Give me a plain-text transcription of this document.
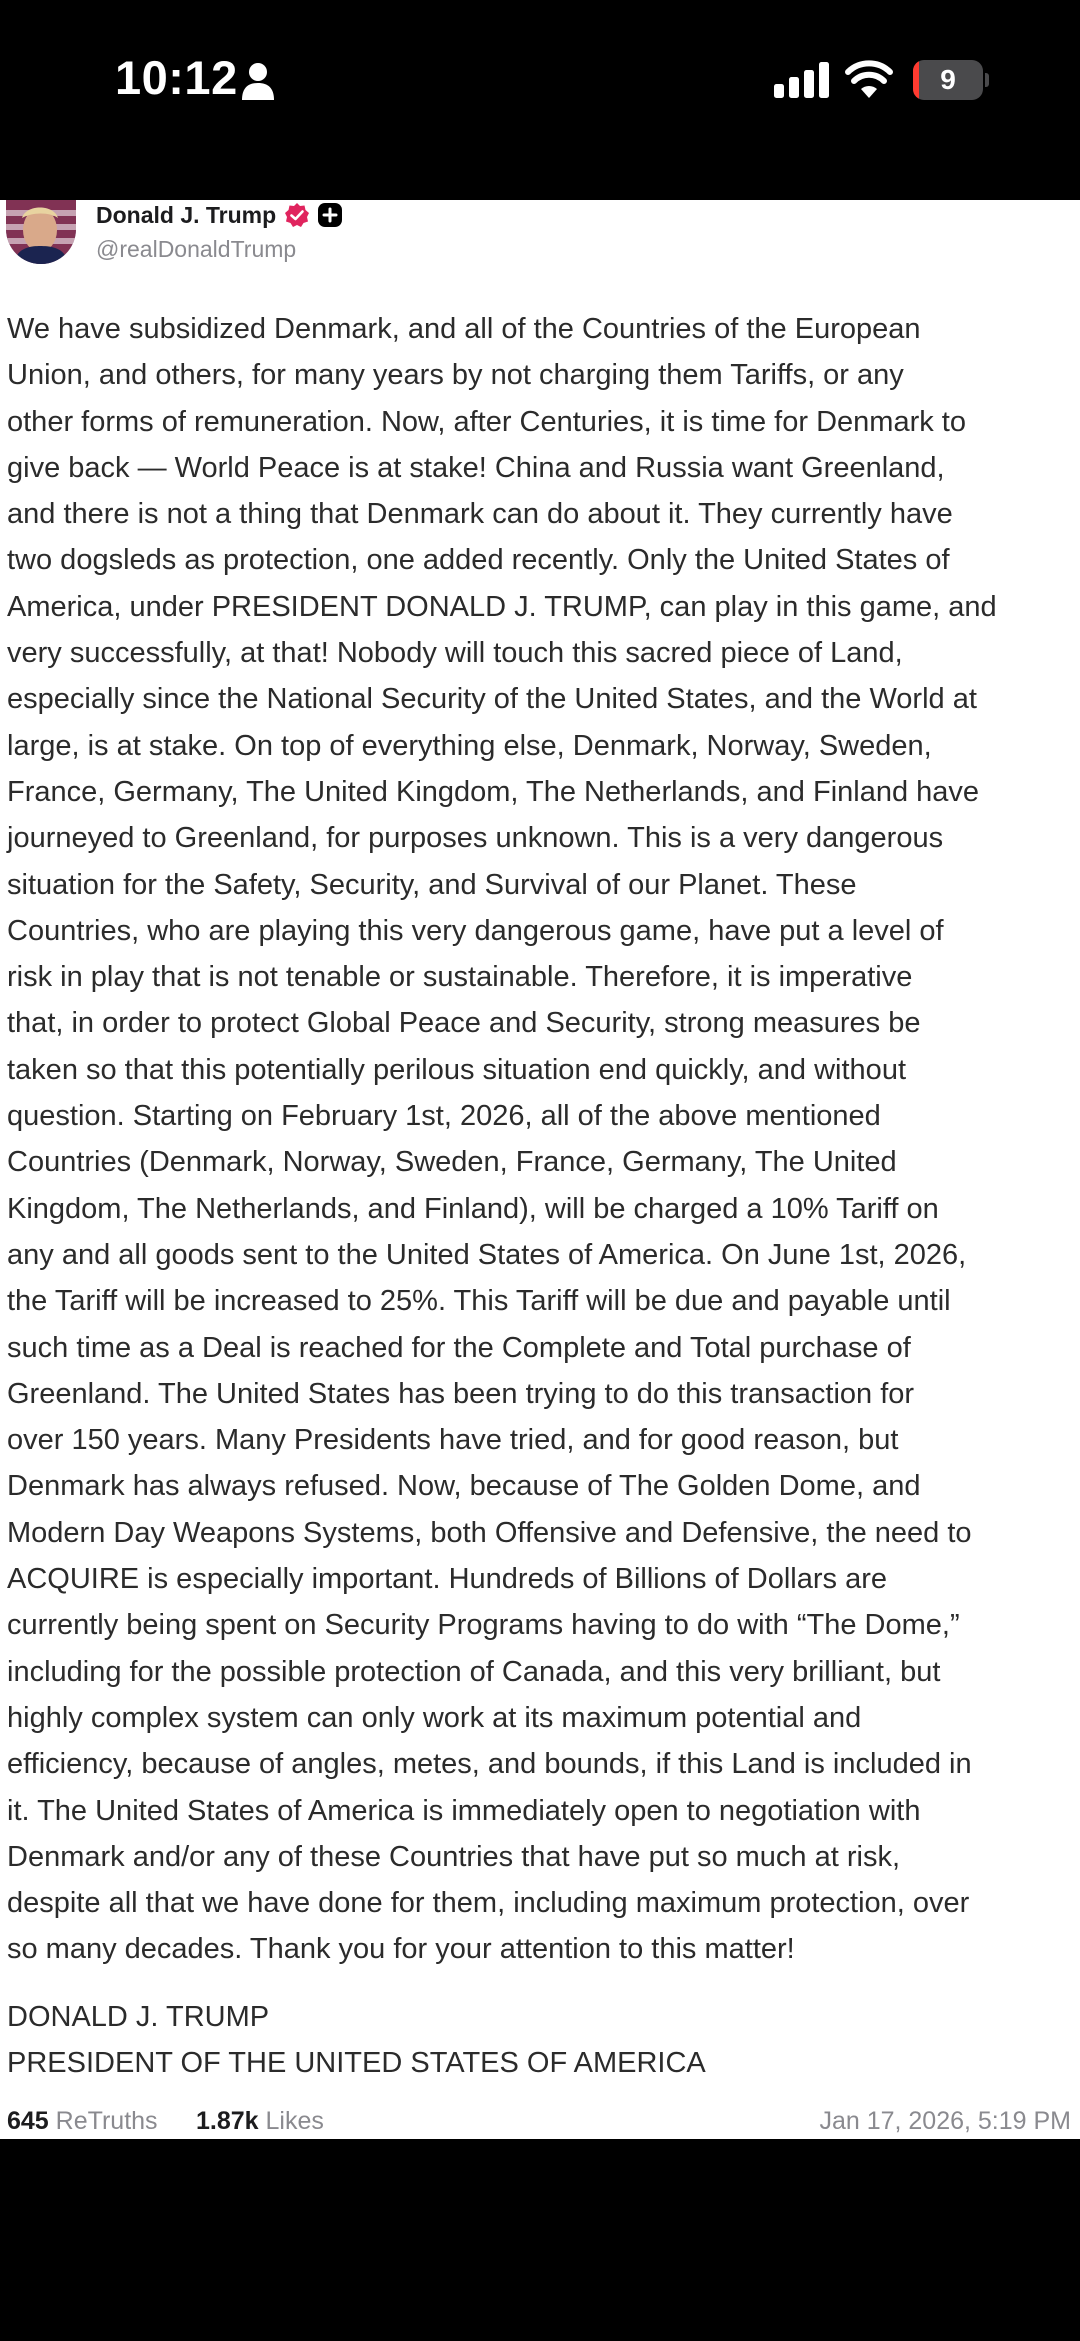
10:12	9
Donald J. Trump
@realDonaldTrump
We have subsidized Denmark, and all of the Countries of the European
Union, and others, for many years by not charging them Tariffs, or any
other forms of remuneration. Now, after Centuries, it is time for Denmark to
give back — World Peace is at stake! China and Russia want Greenland,
and there is not a thing that Denmark can do about it. They currently have
two dogsleds as protection, one added recently. Only the United States of
America, under PRESIDENT DONALD J. TRUMP, can play in this game, and
very successfully, at that! Nobody will touch this sacred piece of Land,
especially since the National Security of the United States, and the World at
large, is at stake. On top of everything else, Denmark, Norway, Sweden,
France, Germany, The United Kingdom, The Netherlands, and Finland have
journeyed to Greenland, for purposes unknown. This is a very dangerous
situation for the Safety, Security, and Survival of our Planet. These
Countries, who are playing this very dangerous game, have put a level of
risk in play that is not tenable or sustainable. Therefore, it is imperative
that, in order to protect Global Peace and Security, strong measures be
taken so that this potentially perilous situation end quickly, and without
question. Starting on February 1st, 2026, all of the above mentioned
Countries (Denmark, Norway, Sweden, France, Germany, The United
Kingdom, The Netherlands, and Finland), will be charged a 10% Tariff on
any and all goods sent to the United States of America. On June 1st, 2026,
the Tariff will be increased to 25%. This Tariff will be due and payable until
such time as a Deal is reached for the Complete and Total purchase of
Greenland. The United States has been trying to do this transaction for
over 150 years. Many Presidents have tried, and for good reason, but
Denmark has always refused. Now, because of The Golden Dome, and
Modern Day Weapons Systems, both Offensive and Defensive, the need to
ACQUIRE is especially important. Hundreds of Billions of Dollars are
currently being spent on Security Programs having to do with “The Dome,”
including for the possible protection of Canada, and this very brilliant, but
highly complex system can only work at its maximum potential and
efficiency, because of angles, metes, and bounds, if this Land is included in
it. The United States of America is immediately open to negotiation with
Denmark and/or any of these Countries that have put so much at risk,
despite all that we have done for them, including maximum protection, over
so many decades. Thank you for your attention to this matter!
DONALD J. TRUMP
PRESIDENT OF THE UNITED STATES OF AMERICA
645 ReTruths 1.87k Likes	Jan 17, 2026, 5:19 PM
